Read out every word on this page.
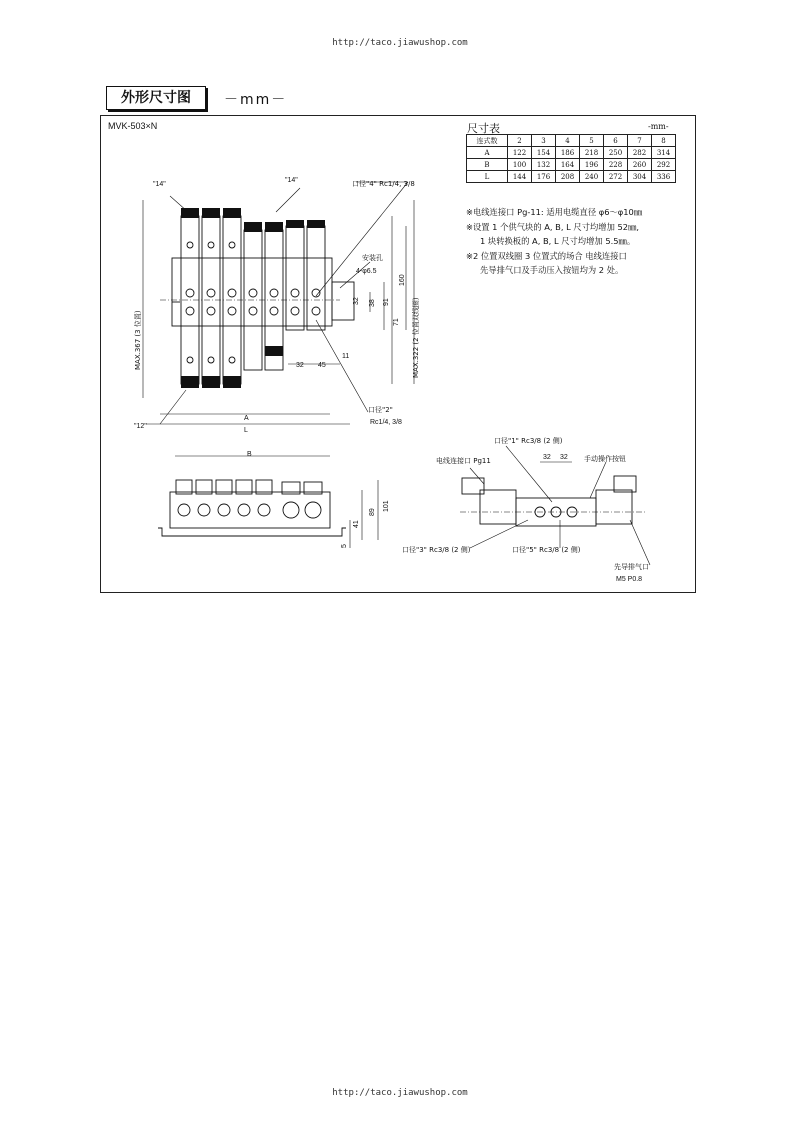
http://taco.jiawushop.com
外形尺寸图	－mm－
MVK-503×N	尺寸表	-mm-
连式数	2	3	4	5	6	7	8
A	122	154	186	218	250	282	314
B	100	132	164	196	228	260	292
L	144	176	208	240	272	304	336
※电线连接口 Pg-11: 适用电缆直径 φ6～φ10㎜
※设置 1 个供气块的 A, B, L 尺寸均增加 52㎜,
1 块转换板的 A, B, L 尺寸均增加 5.5㎜。
※2 位置双线圈 3 位置式的场合 电线连接口
先导排气口及手动压入按钮均为 2 处。
"14"
"14"	口径"4" Rc1/4, 3/8
安装孔
4-φ6.5
MAX.367 (3 位置)	MAX.322 (2 位置双线圈)
32 38
71
91
160
32 45
11
口径"2"
Rc1/4, 3/8
"12"
A
L
B
41
89
101
5
口径"1" Rc3/8 (2 侧)
电线连接口 Pg11	32 32 手动操作按钮
口径"3" Rc3/8 (2 侧)	口径"5" Rc3/8 (2 侧)
先导排气口
M5 P0.8
http://taco.jiawushop.com
